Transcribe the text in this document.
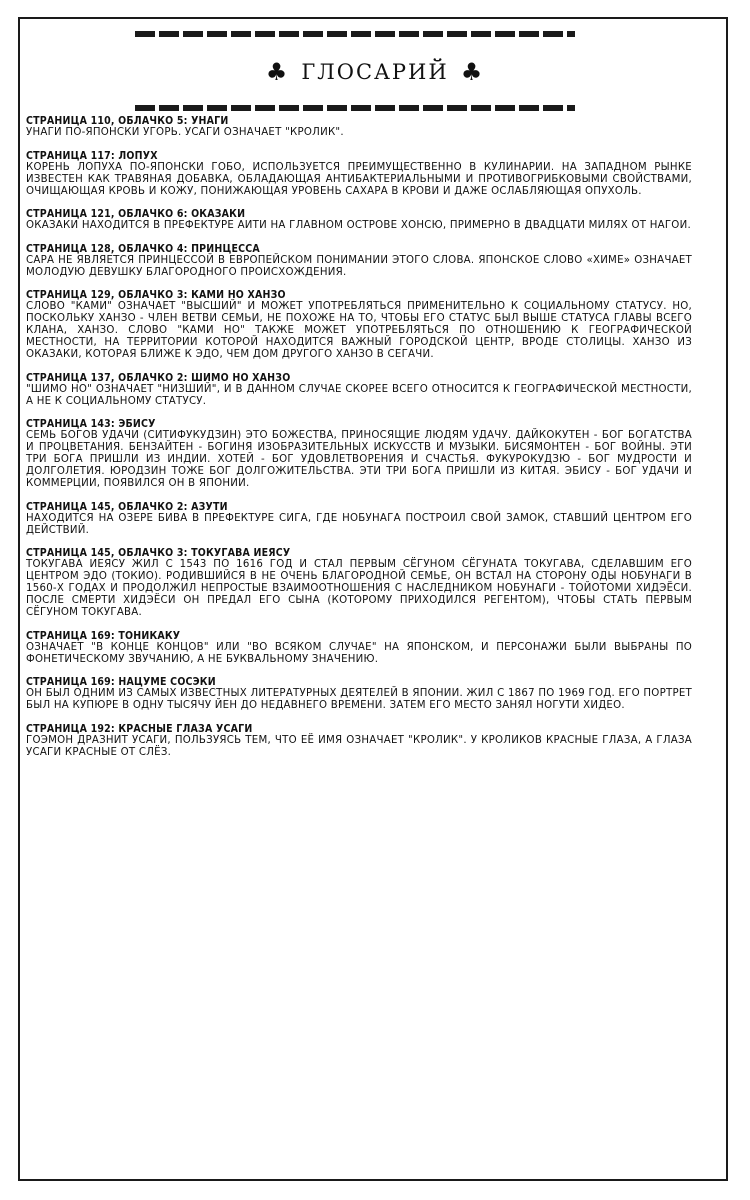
♣ ГЛОСАРИЙ ♣
СТРАНИЦА 110, ОБЛАЧКО 5: УНАГИ
УНАГИ ПО-ЯПОНСКИ УГОРЬ. УСАГИ ОЗНАЧАЕТ "КРОЛИК".
СТРАНИЦА 117: ЛОПУХ
КОРЕНЬ ЛОПУХА ПО-ЯПОНСКИ ГОБО, ИСПОЛЬЗУЕТСЯ ПРЕИМУЩЕСТВЕННО В КУЛИНАРИИ. НА ЗАПАДНОМ РЫНКЕ ИЗВЕСТЕН КАК ТРАВЯНАЯ ДОБАВКА, ОБЛАДАЮЩАЯ АНТИБАКТЕРИАЛЬНЫМИ И ПРОТИВОГРИБКОВЫМИ СВОЙСТВАМИ, ОЧИЩАЮЩАЯ КРОВЬ И КОЖУ, ПОНИЖАЮЩАЯ УРОВЕНЬ САХАРА В КРОВИ И ДАЖЕ ОСЛАБЛЯЮЩАЯ ОПУХОЛЬ.
СТРАНИЦА 121, ОБЛАЧКО 6: ОКАЗАКИ
ОКАЗАКИ НАХОДИТСЯ В ПРЕФЕКТУРЕ АИТИ НА ГЛАВНОМ ОСТРОВЕ ХОНСЮ, ПРИМЕРНО В ДВАДЦАТИ МИЛЯХ ОТ НАГОИ.
СТРАНИЦА 128, ОБЛАЧКО 4: ПРИНЦЕССА
САРА НЕ ЯВЛЯЕТСЯ ПРИНЦЕССОЙ В ЕВРОПЕЙСКОМ ПОНИМАНИИ ЭТОГО СЛОВА. ЯПОНСКОЕ СЛОВО «ХИМЕ» ОЗНАЧАЕТ МОЛОДУЮ ДЕВУШКУ БЛАГОРОДНОГО ПРОИСХОЖДЕНИЯ.
СТРАНИЦА 129, ОБЛАЧКО 3: КАМИ НО ХАНЗО
СЛОВО "КАМИ" ОЗНАЧАЕТ "ВЫСШИЙ" И МОЖЕТ УПОТРЕБЛЯТЬСЯ ПРИМЕНИТЕЛЬНО К СОЦИАЛЬНОМУ СТАТУСУ. НО, ПОСКОЛЬКУ ХАНЗО - ЧЛЕН ВЕТВИ СЕМЬИ, НЕ ПОХОЖЕ НА ТО, ЧТОБЫ ЕГО СТАТУС БЫЛ ВЫШЕ СТАТУСА ГЛАВЫ ВСЕГО КЛАНА, ХАНЗО. СЛОВО "КАМИ НО" ТАКЖЕ МОЖЕТ УПОТРЕБЛЯТЬСЯ ПО ОТНОШЕНИЮ К ГЕОГРАФИЧЕСКОЙ МЕСТНОСТИ, НА ТЕРРИТОРИИ КОТОРОЙ НАХОДИТСЯ ВАЖНЫЙ ГОРОДСКОЙ ЦЕНТР, ВРОДЕ СТОЛИЦЫ. ХАНЗО ИЗ ОКАЗАКИ, КОТОРАЯ БЛИЖЕ К ЭДО, ЧЕМ ДОМ ДРУГОГО ХАНЗО В СЕГАЧИ.
СТРАНИЦА 137, ОБЛАЧКО 2: ШИМО НО ХАНЗО
"ШИМО НО" ОЗНАЧАЕТ "НИЗШИЙ", И В ДАННОМ СЛУЧАЕ СКОРЕЕ ВСЕГО ОТНОСИТСЯ К ГЕОГРАФИЧЕСКОЙ МЕСТНОСТИ, А НЕ К СОЦИАЛЬНОМУ СТАТУСУ.
СТРАНИЦА 143: ЭБИСУ
СЕМЬ БОГОВ УДАЧИ (СИТИФУКУДЗИН) ЭТО БОЖЕСТВА, ПРИНОСЯЩИЕ ЛЮДЯМ УДАЧУ. ДАЙКОКУТЕН - БОГ БОГАТСТВА И ПРОЦВЕТАНИЯ. БЕНЗАЙТЕН - БОГИНЯ ИЗОБРАЗИТЕЛЬНЫХ ИСКУССТВ И МУЗЫКИ. БИСЯМОНТЕН - БОГ ВОЙНЫ. ЭТИ ТРИ БОГА ПРИШЛИ ИЗ ИНДИИ. ХОТЕЙ - БОГ УДОВЛЕТВОРЕНИЯ И СЧАСТЬЯ. ФУКУРОКУДЗЮ - БОГ МУДРОСТИ И ДОЛГОЛЕТИЯ. ЮРОДЗИН ТОЖЕ БОГ ДОЛГОЖИТЕЛЬСТВА. ЭТИ ТРИ БОГА ПРИШЛИ ИЗ КИТАЯ. ЭБИСУ - БОГ УДАЧИ И КОММЕРЦИИ, ПОЯВИЛСЯ ОН В ЯПОНИИ.
СТРАНИЦА 145, ОБЛАЧКО 2: АЗУТИ
НАХОДИТСЯ НА ОЗЕРЕ БИВА В ПРЕФЕКТУРЕ СИГА, ГДЕ НОБУНАГА ПОСТРОИЛ СВОЙ ЗАМОК, СТАВШИЙ ЦЕНТРОМ ЕГО ДЕЙСТВИЙ.
СТРАНИЦА 145, ОБЛАЧКО 3: ТОКУГАВА ИЕЯСУ
ТОКУГАВА ИЕЯСУ ЖИЛ С 1543 ПО 1616 ГОД И СТАЛ ПЕРВЫМ СЁГУНОМ СЁГУНАТА ТОКУГАВА, СДЕЛАВШИМ ЕГО ЦЕНТРОМ ЭДО (ТОКИО). РОДИВШИЙСЯ В НЕ ОЧЕНЬ БЛАГОРОДНОЙ СЕМЬЕ, ОН ВСТАЛ НА СТОРОНУ ОДЫ НОБУНАГИ В 1560-Х ГОДАХ И ПРОДОЛЖИЛ НЕПРОСТЫЕ ВЗАИМООТНОШЕНИЯ С НАСЛЕДНИКОМ НОБУНАГИ - ТОЙОТОМИ ХИДЭЁСИ. ПОСЛЕ СМЕРТИ ХИДЭЁСИ ОН ПРЕДАЛ ЕГО СЫНА (КОТОРОМУ ПРИХОДИЛСЯ РЕГЕНТОМ), ЧТОБЫ СТАТЬ ПЕРВЫМ СЁГУНОМ ТОКУГАВА.
СТРАНИЦА 169: ТОНИКАКУ
ОЗНАЧАЕТ "В КОНЦЕ КОНЦОВ" ИЛИ "ВО ВСЯКОМ СЛУЧАЕ" НА ЯПОНСКОМ, И ПЕРСОНАЖИ БЫЛИ ВЫБРАНЫ ПО ФОНЕТИЧЕСКОМУ ЗВУЧАНИЮ, А НЕ БУКВАЛЬНОМУ ЗНАЧЕНИЮ.
СТРАНИЦА 169: НАЦУМЕ СОСЭКИ
ОН БЫЛ ОДНИМ ИЗ САМЫХ ИЗВЕСТНЫХ ЛИТЕРАТУРНЫХ ДЕЯТЕЛЕЙ В ЯПОНИИ. ЖИЛ С 1867 ПО 1969 ГОД. ЕГО ПОРТРЕТ БЫЛ НА КУПЮРЕ В ОДНУ ТЫСЯЧУ ЙЕН ДО НЕДАВНЕГО ВРЕМЕНИ. ЗАТЕМ ЕГО МЕСТО ЗАНЯЛ НОГУТИ ХИДЕО.
СТРАНИЦА 192: КРАСНЫЕ ГЛАЗА УСАГИ
ГОЭМОН ДРАЗНИТ УСАГИ, ПОЛЬЗУЯСЬ ТЕМ, ЧТО ЕЁ ИМЯ ОЗНАЧАЕТ "КРОЛИК". У КРОЛИКОВ КРАСНЫЕ ГЛАЗА, А ГЛАЗА УСАГИ КРАСНЫЕ ОТ СЛЁЗ.
